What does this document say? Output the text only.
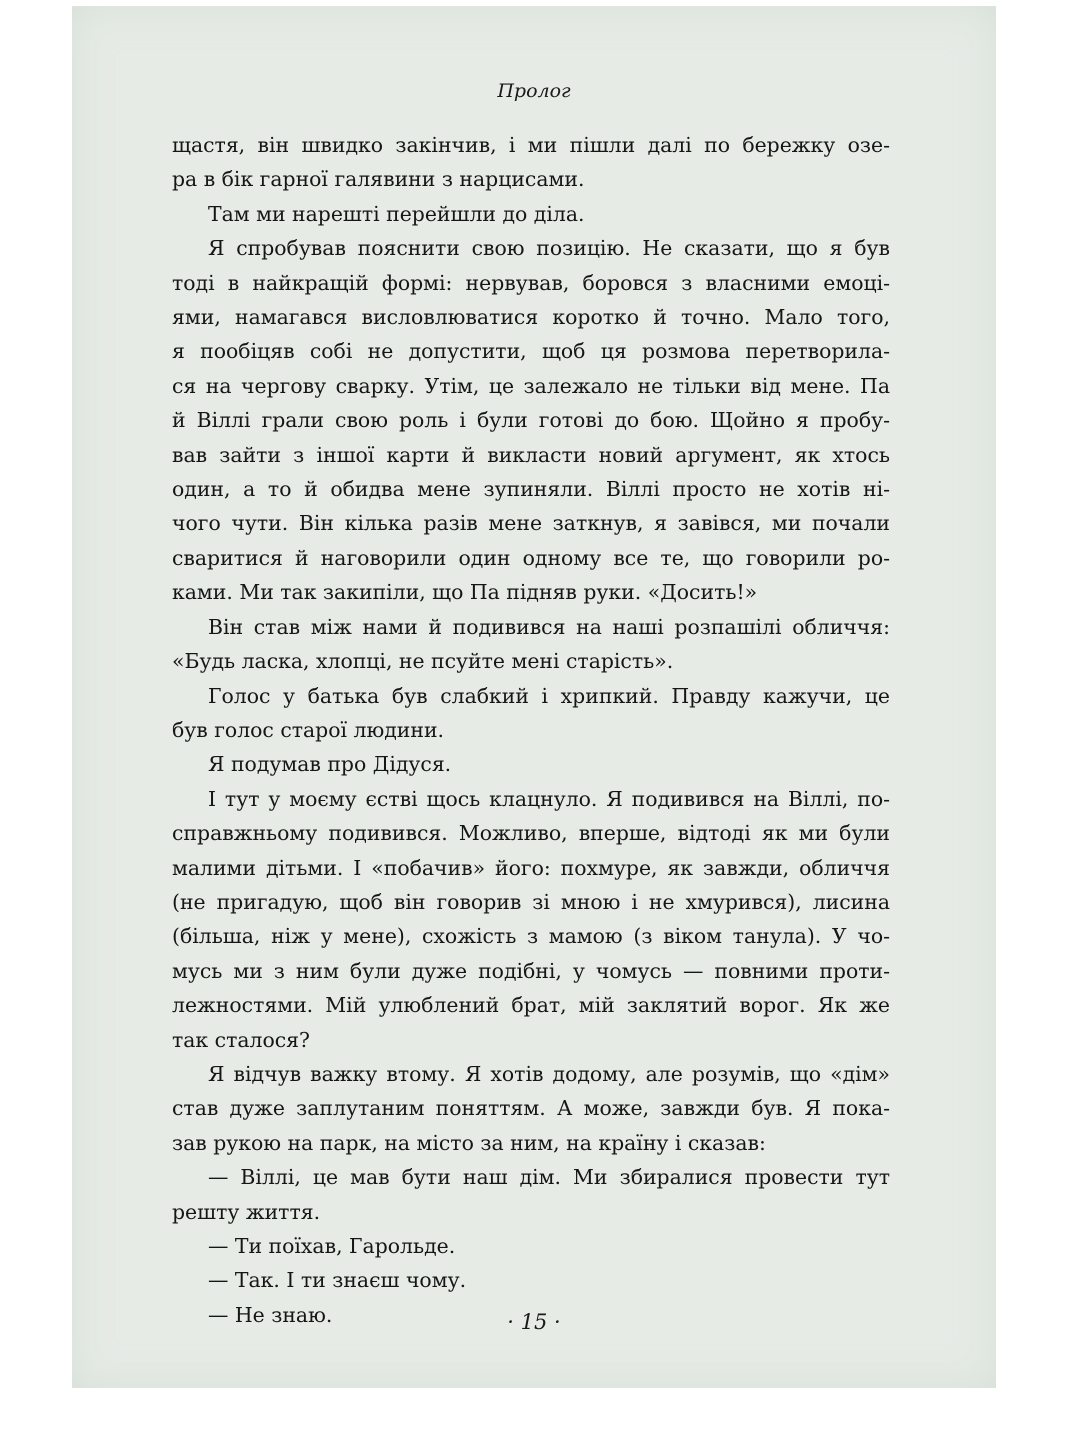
Пролог
щастя, він швидко закінчив, і ми пішли далі по бережку озе-
ра в бік гарної галявини з нарцисами.
Там ми нарешті перейшли до діла.
Я спробував пояснити свою позицію. Не сказати, що я був
тоді в найкращій формі: нервував, боровся з власними емоці-
ями, намагався висловлюватися коротко й точно. Мало того,
я пообіцяв собі не допустити, щоб ця розмова перетворила-
ся на чергову сварку. Утім, це залежало не тільки від мене. Па
й Віллі грали свою роль і були готові до бою. Щойно я пробу-
вав зайти з іншої карти й викласти новий аргумент, як хтось
один, а то й обидва мене зупиняли. Віллі просто не хотів ні-
чого чути. Він кілька разів мене заткнув, я завівся, ми почали
сваритися й наговорили один одному все те, що говорили ро-
ками. Ми так закипіли, що Па підняв руки. «Досить!»
Він став між нами й подивився на наші розпашілі обличчя:
«Будь ласка, хлопці, не псуйте мені старість».
Голос у батька був слабкий і хрипкий. Правду кажучи, це
був голос старої людини.
Я подумав про Дідуся.
І тут у моєму єстві щось клацнуло. Я подивився на Віллі, по-
справжньому подивився. Можливо, вперше, відтоді як ми були
малими дітьми. І «побачив» його: похмуре, як завжди, обличчя
(не пригадую, щоб він говорив зі мною і не хмурився), лисина
(більша, ніж у мене), схожість з мамою (з віком танула). У чо-
мусь ми з ним були дуже подібні, у чомусь — повними проти-
лежностями. Мій улюблений брат, мій заклятий ворог. Як же
так сталося?
Я відчув важку втому. Я хотів додому, але розумів, що «дім»
став дуже заплутаним поняттям. А може, завжди був. Я пока-
зав рукою на парк, на місто за ним, на країну і сказав:
— Віллі, це мав бути наш дім. Ми збиралися провести тут
решту життя.
— Ти поїхав, Гарольде.
— Так. І ти знаєш чому.
— Не знаю.	· 15 ·
